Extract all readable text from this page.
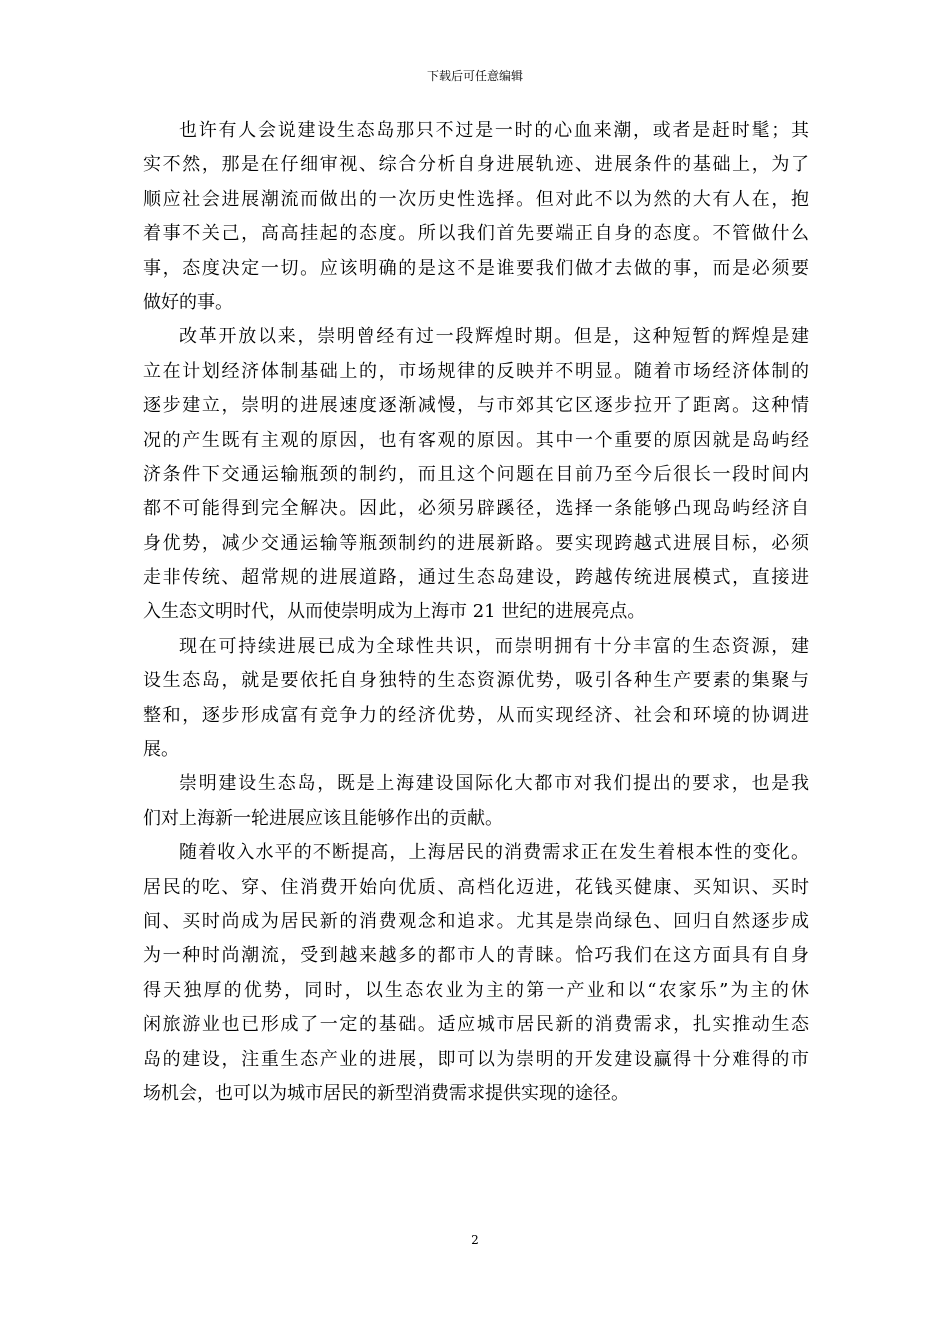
下载后可任意编辑
也许有人会说建设生态岛那只不过是一时的心血来潮，或者是赶时髦；其
实不然，那是在仔细审视、综合分析自身进展轨迹、进展条件的基础上，为了
顺应社会进展潮流而做出的一次历史性选择。但对此不以为然的大有人在，抱
着事不关己，高高挂起的态度。所以我们首先要端正自身的态度。不管做什么
事，态度决定一切。应该明确的是这不是谁要我们做才去做的事，而是必须要
做好的事。
改革开放以来，崇明曾经有过一段辉煌时期。但是，这种短暂的辉煌是建
立在计划经济体制基础上的，市场规律的反映并不明显。随着市场经济体制的
逐步建立，崇明的进展速度逐渐减慢，与市郊其它区逐步拉开了距离。这种情
况的产生既有主观的原因，也有客观的原因。其中一个重要的原因就是岛屿经
济条件下交通运输瓶颈的制约，而且这个问题在目前乃至今后很长一段时间内
都不可能得到完全解决。因此，必须另辟蹊径，选择一条能够凸现岛屿经济自
身优势，减少交通运输等瓶颈制约的进展新路。要实现跨越式进展目标，必须
走非传统、超常规的进展道路，通过生态岛建设，跨越传统进展模式，直接进
入生态文明时代，从而使崇明成为上海市 21 世纪的进展亮点。
现在可持续进展已成为全球性共识，而崇明拥有十分丰富的生态资源，建
设生态岛，就是要依托自身独特的生态资源优势，吸引各种生产要素的集聚与
整和，逐步形成富有竞争力的经济优势，从而实现经济、社会和环境的协调进
展。
崇明建设生态岛，既是上海建设国际化大都市对我们提出的要求，也是我
们对上海新一轮进展应该且能够作出的贡献。
随着收入水平的不断提高，上海居民的消费需求正在发生着根本性的变化。
居民的吃、穿、住消费开始向优质、高档化迈进，花钱买健康、买知识、买时
间、买时尚成为居民新的消费观念和追求。尤其是崇尚绿色、回归自然逐步成
为一种时尚潮流，受到越来越多的都市人的青睐。恰巧我们在这方面具有自身
得天独厚的优势，同时，以生态农业为主的第一产业和以“农家乐”为主的休
闲旅游业也已形成了一定的基础。适应城市居民新的消费需求，扎实推动生态
岛的建设，注重生态产业的进展，即可以为崇明的开发建设赢得十分难得的市
场机会，也可以为城市居民的新型消费需求提供实现的途径。
2
